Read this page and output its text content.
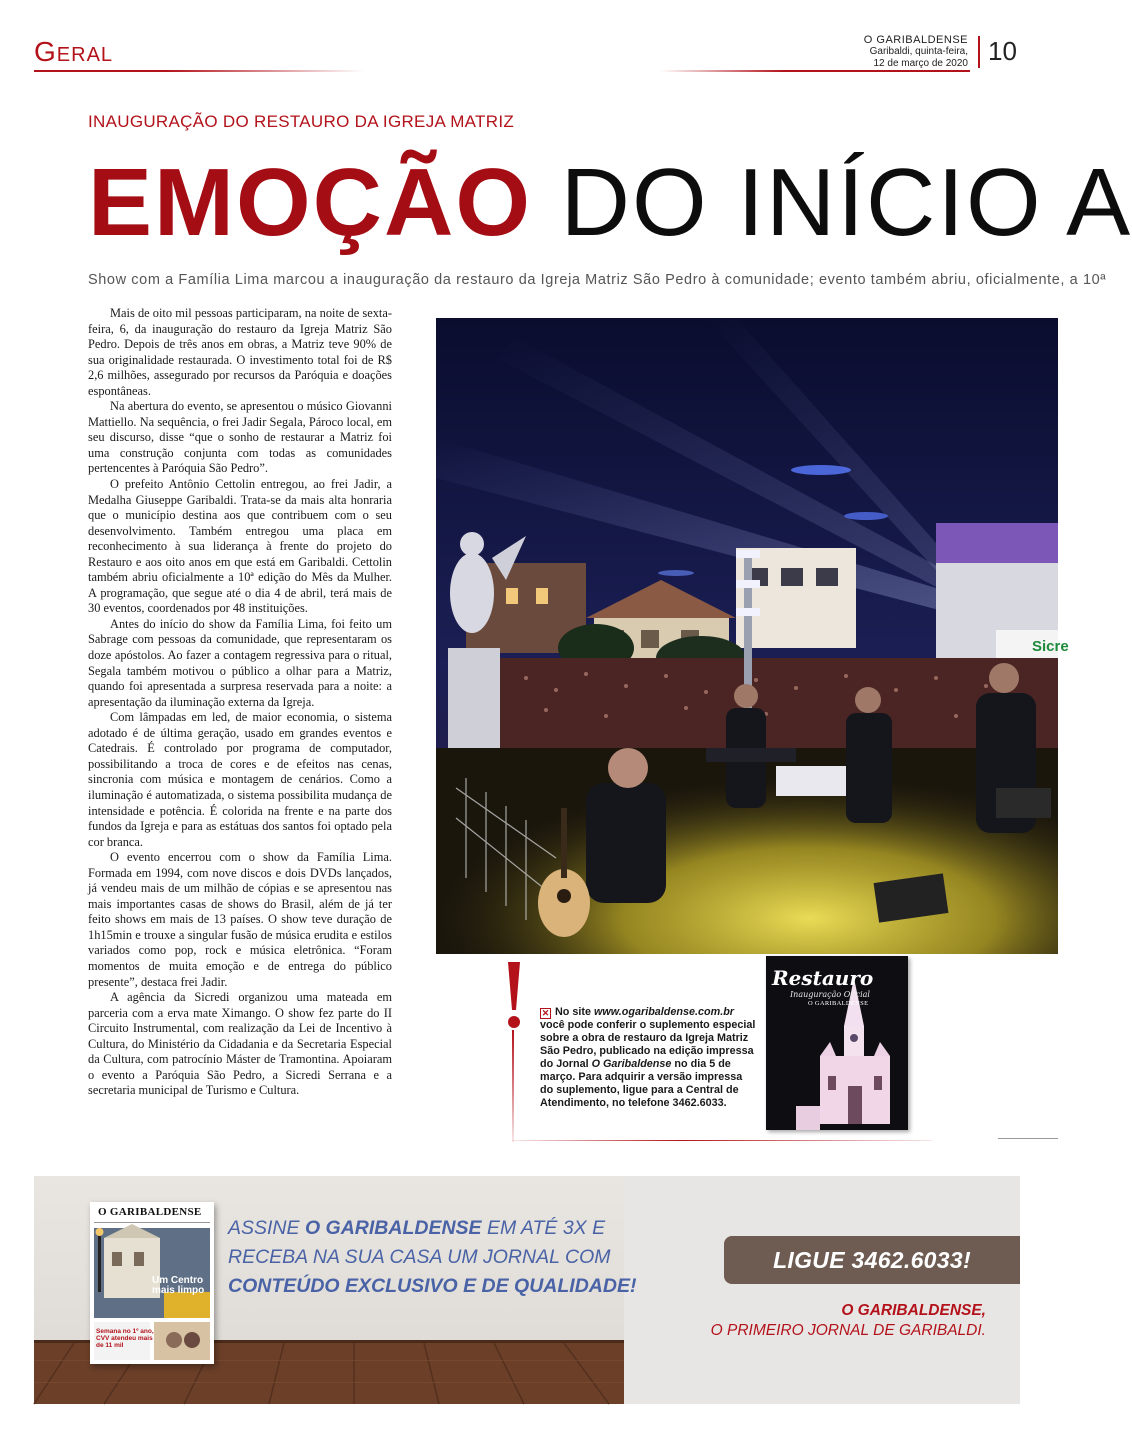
Geral	O GARIBALDENSE
Garibaldi, quinta-feira,
12 de março de 2020 10
INAUGURAÇÃO DO RESTAURO DA IGREJA MATRIZ
EMOÇÃO DO INÍCIO A
Show com a Família Lima marcou a inauguração da restauro da Igreja Matriz São Pedro à comunidade; evento também abriu, oficialmente, a 10ª

Mais de oito mil pessoas participaram, na noite de sexta-feira, 6, da inauguração do restauro da Igreja Matriz São Pedro. Depois de três anos em obras, a Matriz teve 90% de sua originalidade restaurada. O investimento total foi de R$ 2,6 milhões, assegurado por recursos da Paróquia e doações espontâneas.

Na abertura do evento, se apresentou o músico Giovanni Mattiello. Na sequência, o frei Jadir Segala, Pároco local, em seu discurso, disse “que o sonho de restaurar a Matriz foi uma construção conjunta com todas as comunidades pertencentes à Paróquia São Pedro”.

O prefeito Antônio Cettolin entregou, ao frei Jadir, a Medalha Giuseppe Garibaldi. Trata-se da mais alta honraria que o município destina aos que contribuem com o seu desenvolvimento. Também entregou uma placa em reconhecimento à sua liderança à frente do projeto do Restauro e aos oito anos em que está em Garibaldi. Cettolin também abriu oficialmente a 10ª edição do Mês da Mulher. A programação, que segue até o dia 4 de abril, terá mais de 30 eventos, coordenados por 48 instituições.

Antes do início do show da Família Lima, foi feito um Sabrage com pessoas da comunidade, que representaram os doze apóstolos. Ao fazer a contagem regressiva para o ritual, Segala também motivou o público a olhar para a Matriz, quando foi apresentada a surpresa reservada para a noite: a apresentação da iluminação externa da Igreja.

Com lâmpadas em led, de maior economia, o sistema adotado é de última geração, usado em grandes eventos e Catedrais. É controlado por programa de computador, possibilitando a troca de cores e de efeitos nas cenas, sincronia com música e montagem de cenários. Como a iluminação é automatizada, o sistema possibilita mudança de intensidade e potência. É colorida na frente e na parte dos fundos da Igreja e para as estátuas dos santos foi optado pela cor branca.

O evento encerrou com o show da Família Lima. Formada em 1994, com nove discos e dois DVDs lançados, já vendeu mais de um milhão de cópias e se apresentou nas mais importantes casas de shows do Brasil, além de já ter feito shows em mais de 13 países. O show teve duração de 1h15min e trouxe a singular fusão de música erudita e estilos variados como pop, rock e música eletrônica. “Foram momentos de muita emoção e de entrega do público presente”, destaca frei Jadir.

A agência da Sicredi organizou uma mateada em parceria com a erva mate Ximango. O show fez parte do II Circuito Instrumental, com realização da Lei de Incentivo à Cultura, do Ministério da Cidadania e da Secretaria Especial da Cultura, com patrocínio Máster de Tramontina. Apoiaram o evento a Paróquia São Pedro, a Sicredi Serrana e a secretaria municipal de Turismo e Cultura.

Sicre
✕ No site www.ogaribaldense.com.br você pode conferir o suplemento especial sobre a obra de restauro da Igreja Matriz São Pedro, publicado na edição impressa do Jornal O Garibaldense no dia 5 de março. Para adquirir a versão impressa do suplemento, ligue para a Central de Atendimento, no telefone 3462.6033.
Restauro
Inauguração Oficial
O GARIBALDENSE
O GARIBALDENSE
Um Centro mais limpo
Semana no 1º ano, CVV atendeu mais de 11 mil
ASSINE O GARIBALDENSE EM ATÉ 3X E
RECEBA NA SUA CASA UM JORNAL COM
CONTEÚDO EXCLUSIVO E DE QUALIDADE!
LIGUE 3462.6033!
O GARIBALDENSE,
O PRIMEIRO JORNAL DE GARIBALDI.
